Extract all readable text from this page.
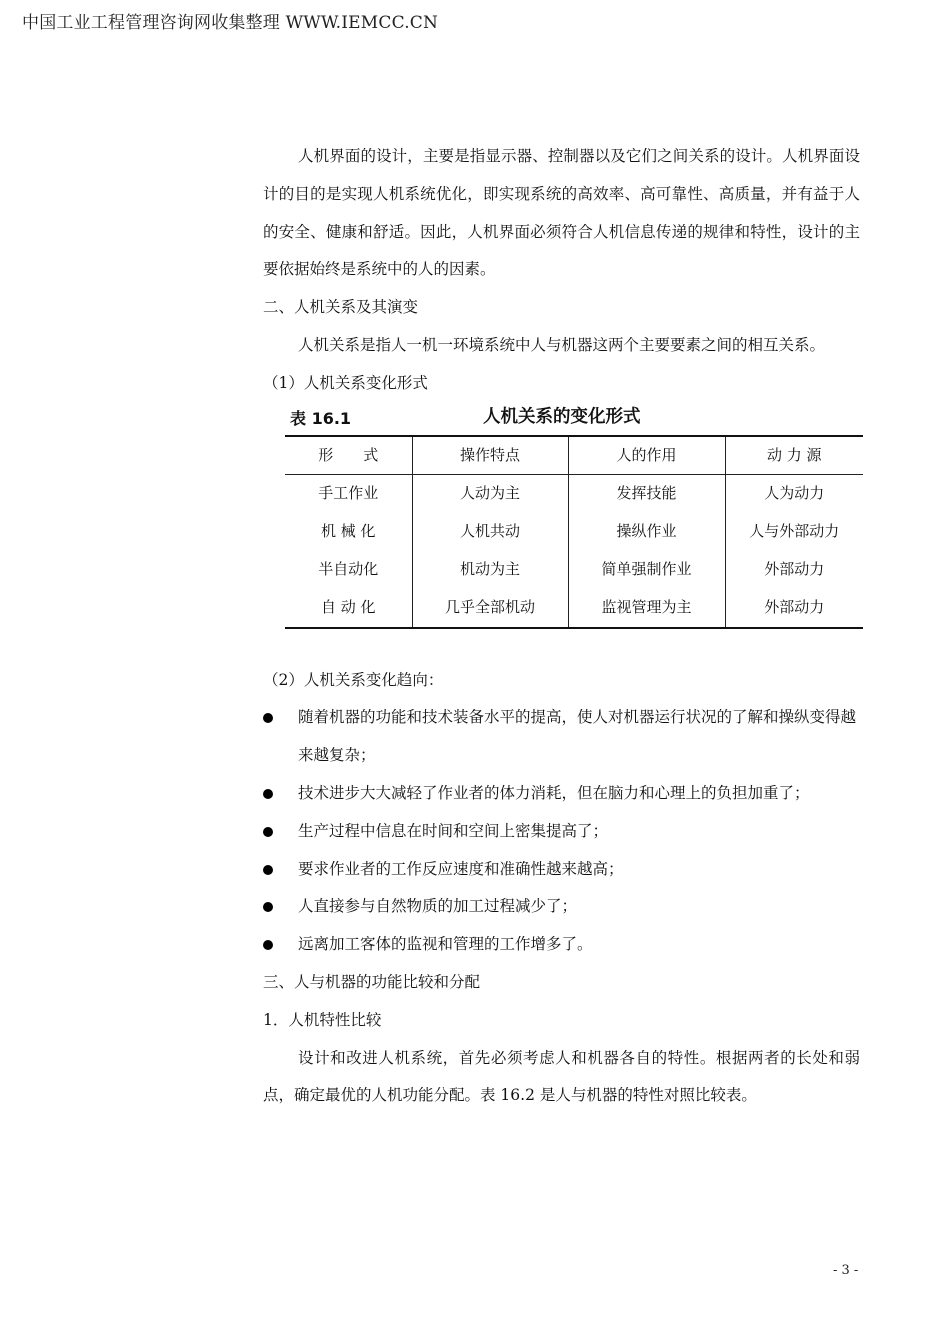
中国工业工程管理咨询网收集整理 WWW.IEMCC.CN

人机界面的设计，主要是指显示器、控制器以及它们之间关系的设计。人机界面设计的目的是实现人机系统优化，即实现系统的高效率、高可靠性、高质量，并有益于人的安全、健康和舒适。因此，人机界面必须符合人机信息传递的规律和特性，设计的主要依据始终是系统中的人的因素。

二、人机关系及其演变

人机关系是指人一机一环境系统中人与机器这两个主要要素之间的相互关系。

（1）人机关系变化形式

表 16.1	人机关系的变化形式
形　　式	操作特点	人的作用	动 力 源
手工作业	人动为主	发挥技能	人为动力
机 械 化	人机共动	操纵作业	人与外部动力
半自动化	机动为主	简单强制作业	外部动力
自 动 化	几乎全部机动	监视管理为主	外部动力

（2）人机关系变化趋向：

随着机器的功能和技术装备水平的提高，使人对机器运行状况的了解和操纵变得越来越复杂；
技术进步大大减轻了作业者的体力消耗，但在脑力和心理上的负担加重了；
生产过程中信息在时间和空间上密集提高了；
要求作业者的工作反应速度和准确性越来越高；
人直接参与自然物质的加工过程减少了；
远离加工客体的监视和管理的工作增多了。

三、人与机器的功能比较和分配

1．人机特性比较

设计和改进人机系统，首先必须考虑人和机器各自的特性。根据两者的长处和弱点，确定最优的人机功能分配。表 16.2 是人与机器的特性对照比较表。

- 3 -
